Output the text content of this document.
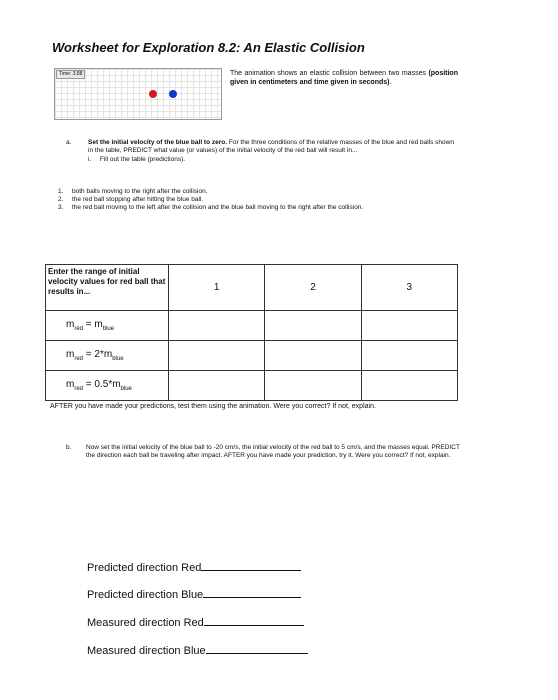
Worksheet for Exploration 8.2: An Elastic Collision
Time: 3.88	The animation shows an elastic collision between two masses (position given in centimeters and time given in seconds).
a.	Set the initial velocity of the blue ball to zero. For the three conditions of the relative masses of the blue and red balls shown in the table, PREDICT what value (or values) of the initial velocity of the red ball will result in...
i. Fill out the table (predictions).
1.	both balls moving to the right after the collision.
2.	the red ball stopping after hitting the blue ball.
3.	the red ball moving to the left after the collision and the blue ball moving to the right after the collision.
Enter the range of initial velocity values for red ball that results in...	1	2	3
$m_{red} = m_{blue}$			
$m_{red} = 2*m_{blue}$			
$m_{red} = 0.5*m_{blue}$			
AFTER you have made your predictions, test them using the animation. Were you correct? If not, explain.
b. Now set the initial velocity of the blue ball to -20 cm/s, the initial velocity of the red ball to 5 cm/s, and the masses equal. PREDICT the direction each ball be traveling after impact. AFTER you have made your prediction, try it. Were you correct? If not, explain.
Predicted direction Red
Predicted direction Blue
Measured direction Red
Measured direction Blue
